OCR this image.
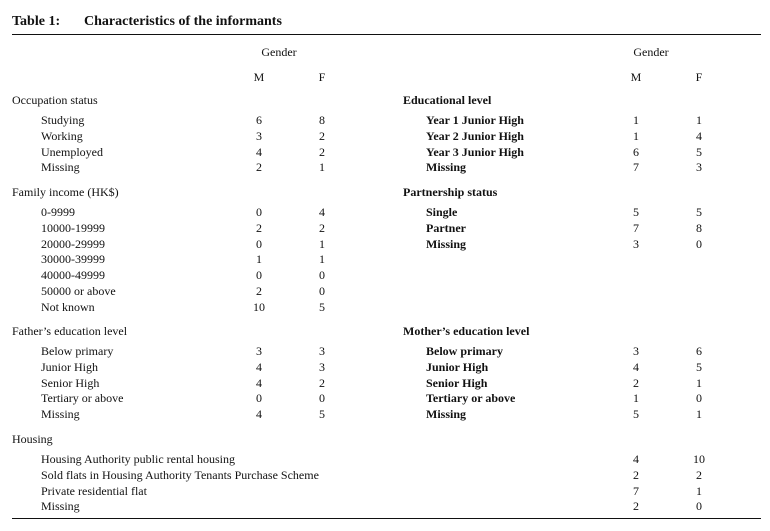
Table 1: Characteristics of the informants
Gender
M	F
Gender
M	F
Occupation status
Studying	6	8
Working	3	2
Unemployed	4	2
Missing	2	1
Family income (HK$)
0-9999	0	4
10000-19999	2	2
20000-29999	0	1
30000-39999	1	1
40000-49999	0	0
50000 or above	2	0
Not known	10	5
Father’s education level
Below primary	3	3
Junior High	4	3
Senior High	4	2
Tertiary or above	0	0
Missing	4	5
Educational level
Year 1 Junior High	1	1
Year 2 Junior High	1	4
Year 3 Junior High	6	5
Missing	7	3
Partnership status
Single	5	5
Partner	7	8
Missing	3	0
Mother’s education level
Below primary	3	6
Junior High	4	5
Senior High	2	1
Tertiary or above	1	0
Missing	5	1
Housing
Housing Authority public rental housing	4	10
Sold flats in Housing Authority Tenants Purchase Scheme	2	2
Private residential flat	7	1
Missing	2	0
